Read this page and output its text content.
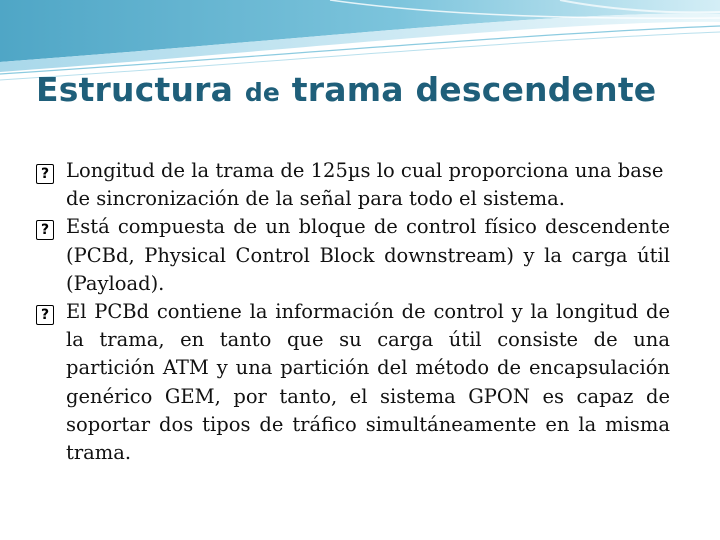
Estructura de trama descendente

? Longitud de la trama de 125µs lo cual proporciona una base de sincronización de la señal para todo el sistema.

? Está compuesta de un bloque de control físico descendente (PCBd, Physical Control Block downstream) y la carga útil (Payload).

? El PCBd contiene la información de control y la longitud de la trama, en tanto que su carga útil consiste de una partición ATM y una partición del método de encapsulación genérico GEM, por tanto, el sistema GPON es capaz de soportar dos tipos de tráfico simultáneamente en la misma trama.
